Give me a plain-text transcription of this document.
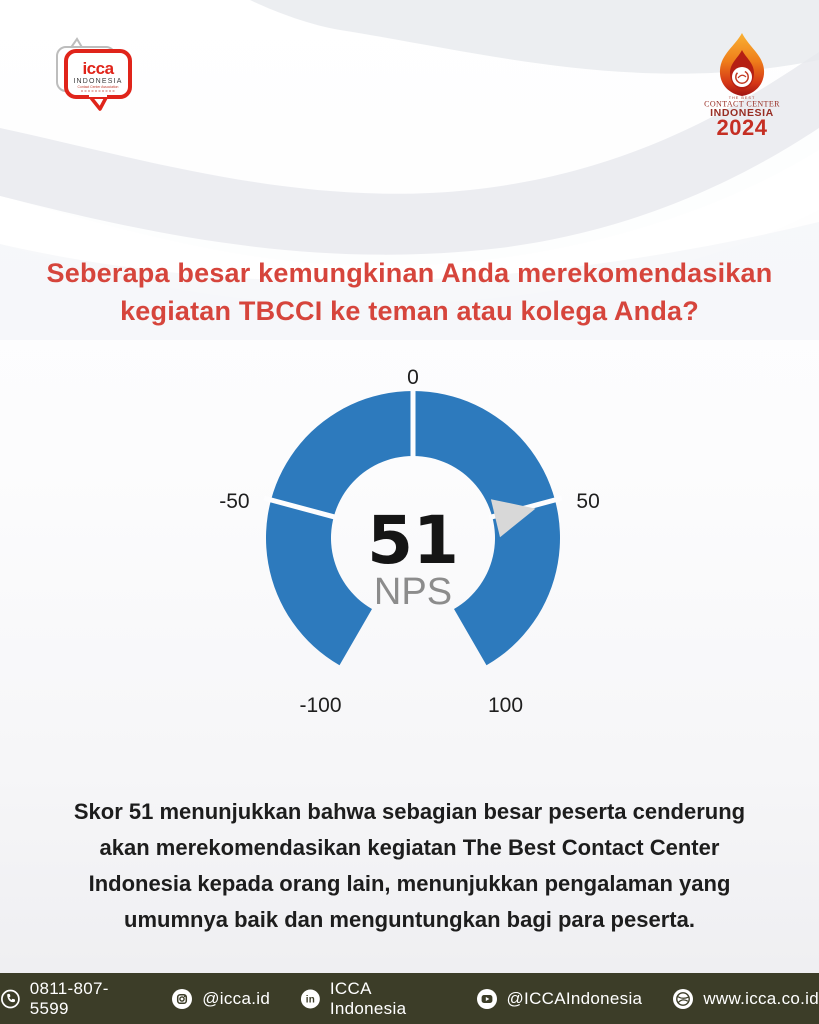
icca
INDONESIA
Contact Center Association
THE BEST
CONTACT CENTER
INDONESIA
2024
Seberapa besar kemungkinan Anda merekomendasikan kegiatan TBCCI ke teman atau kolega Anda?
-100
-50
0
50
100
51
NPS

Skor 51 menunjukkan bahwa sebagian besar peserta cenderung akan merekomendasikan kegiatan The Best Contact Center Indonesia kepada orang lain, menunjukkan pengalaman yang umumnya baik dan menguntungkan bagi para peserta.

0811-807-5599
@icca.id	in
ICCA Indonesia
@ICCAIndonesia	www.icca.co.id
